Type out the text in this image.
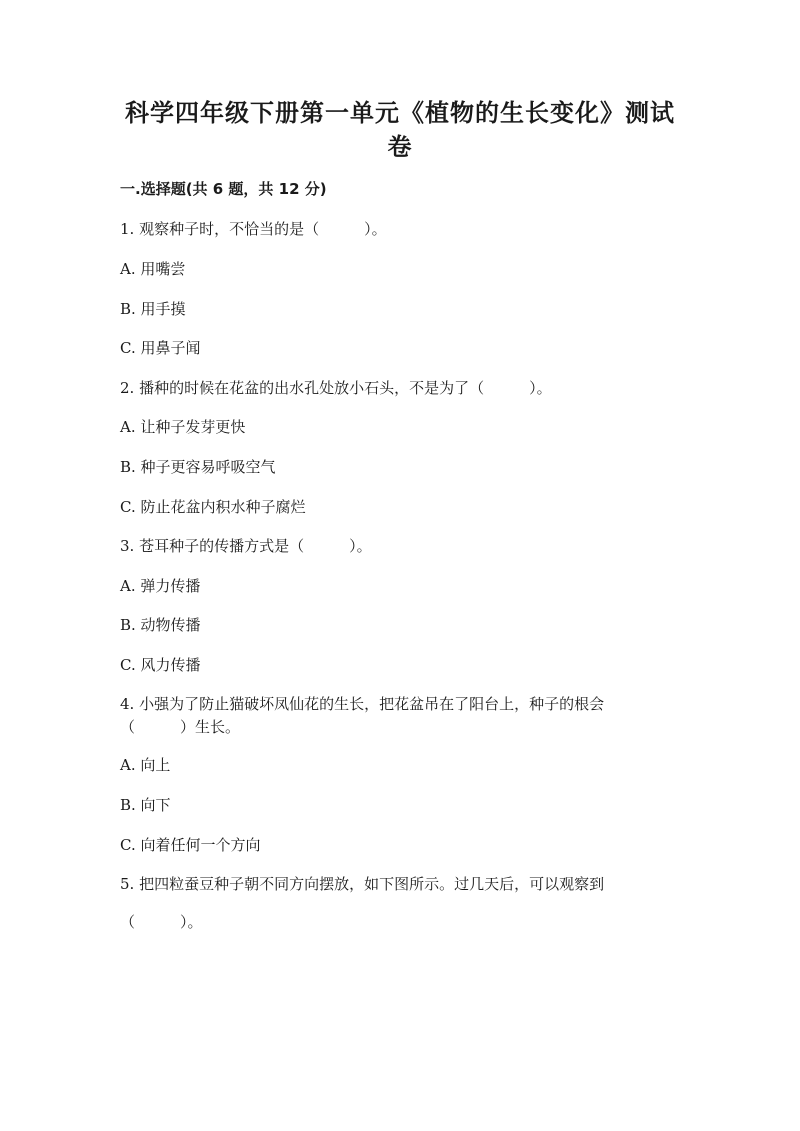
科学四年级下册第一单元《植物的生长变化》测试
卷
一.选择题(共 6 题，共 12 分)
1. 观察种子时，不恰当的是（　　　）。
A. 用嘴尝
B. 用手摸
C. 用鼻子闻
2. 播种的时候在花盆的出水孔处放小石头，不是为了（　　　）。
A. 让种子发芽更快
B. 种子更容易呼吸空气
C. 防止花盆内积水种子腐烂
3. 苍耳种子的传播方式是（　　　）。
A. 弹力传播
B. 动物传播
C. 风力传播
4. 小强为了防止猫破坏凤仙花的生长，把花盆吊在了阳台上，种子的根会
（　　　）生长。
A. 向上
B. 向下
C. 向着任何一个方向
5. 把四粒蚕豆种子朝不同方向摆放，如下图所示。过几天后，可以观察到
（　　　）。
